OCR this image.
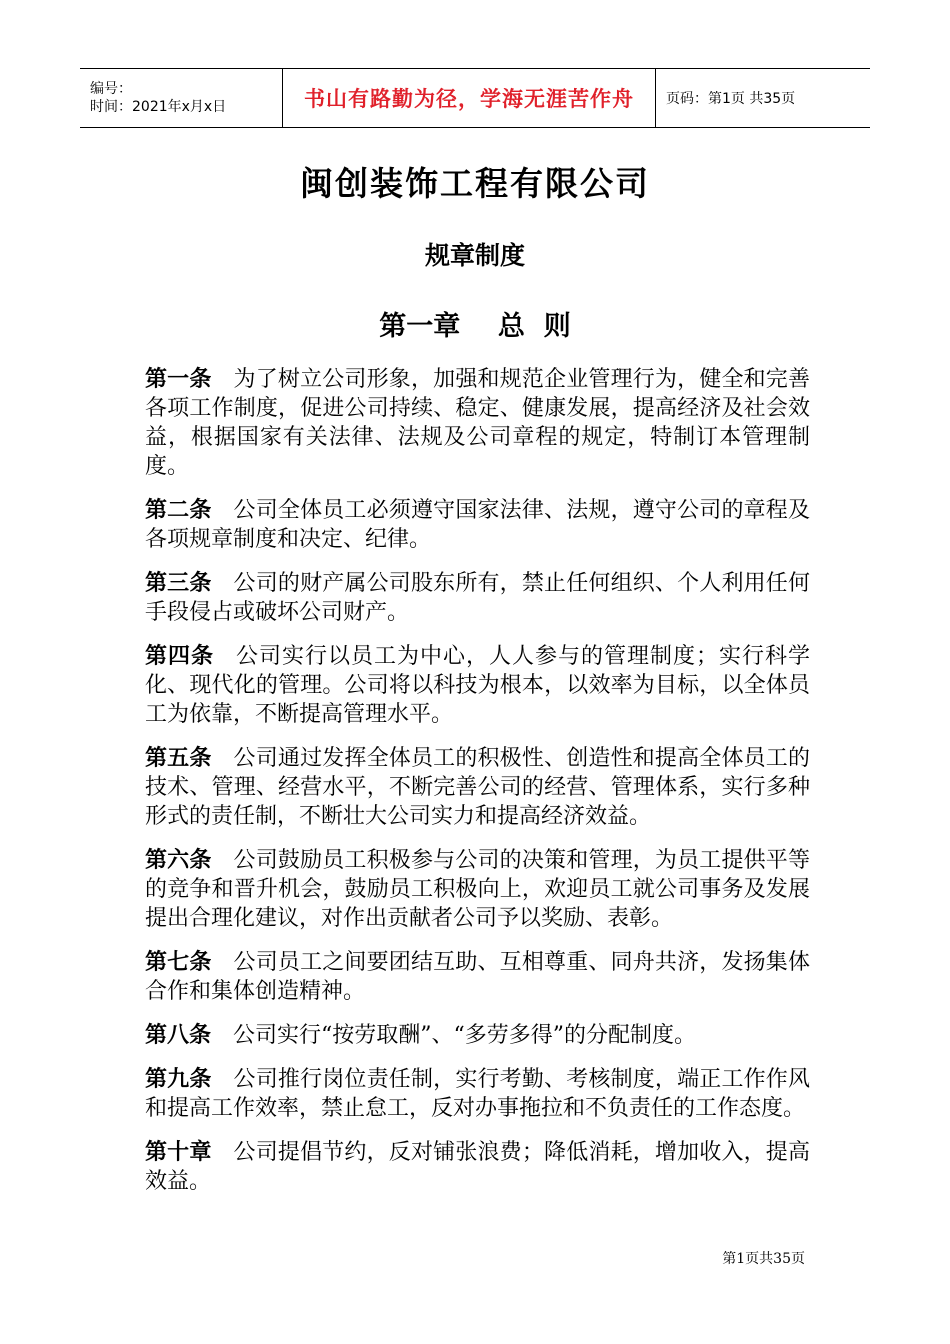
编号：
时间：2021年x月x日	书山有路勤为径，学海无涯苦作舟	页码：第1页 共35页
闽创装饰工程有限公司
规章制度
第一章    总  则
第一条 为了树立公司形象，加强和规范企业管理行为，健全和完善各项工作制度，促进公司持续、稳定、健康发展，提高经济及社会效益，根据国家有关法律、法规及公司章程的规定，特制订本管理制度。
第二条 公司全体员工必须遵守国家法律、法规，遵守公司的章程及各项规章制度和决定、纪律。
第三条 公司的财产属公司股东所有，禁止任何组织、个人利用任何手段侵占或破坏公司财产。
第四条 公司实行以员工为中心，人人参与的管理制度；实行科学化、现代化的管理。公司将以科技为根本，以效率为目标，以全体员工为依靠，不断提高管理水平。
第五条 公司通过发挥全体员工的积极性、创造性和提高全体员工的技术、管理、经营水平，不断完善公司的经营、管理体系，实行多种形式的责任制，不断壮大公司实力和提高经济效益。
第六条 公司鼓励员工积极参与公司的决策和管理，为员工提供平等的竞争和晋升机会，鼓励员工积极向上，欢迎员工就公司事务及发展提出合理化建议，对作出贡献者公司予以奖励、表彰。
第七条 公司员工之间要团结互助、互相尊重、同舟共济，发扬集体合作和集体创造精神。
第八条 公司实行“按劳取酬”、“多劳多得”的分配制度。
第九条 公司推行岗位责任制，实行考勤、考核制度，端正工作作风和提高工作效率，禁止怠工，反对办事拖拉和不负责任的工作态度。
第十章 公司提倡节约，反对铺张浪费；降低消耗，增加收入，提高效益。
第1页共35页
